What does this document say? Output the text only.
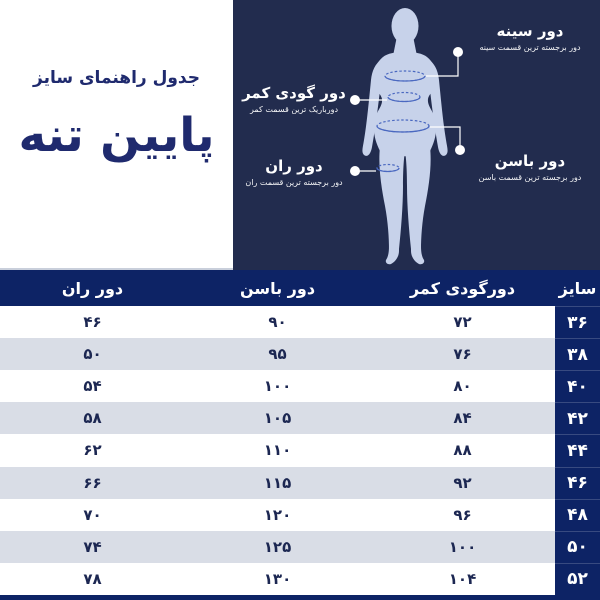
جدول راهنمای سایز
پایین تنه
دور سینه
دور برجسته ترین قسمت سینه
دور گودی کمر
دورباریک ترین قسمت کمر
دور باسن
دور برجسته ترین قسمت باسن
دور ران
دور برجسته ترین قسمت ران
سایز
دورگودی کمر
دور باسن
دور ران
۳۶
۷۲
۹۰
۴۶
۳۸
۷۶
۹۵
۵۰
۴۰
۸۰
۱۰۰
۵۴
۴۲
۸۴
۱۰۵
۵۸
۴۴
۸۸
۱۱۰
۶۲
۴۶
۹۲
۱۱۵
۶۶
۴۸
۹۶
۱۲۰
۷۰
۵۰
۱۰۰
۱۲۵
۷۴
۵۲
۱۰۴
۱۳۰
۷۸
